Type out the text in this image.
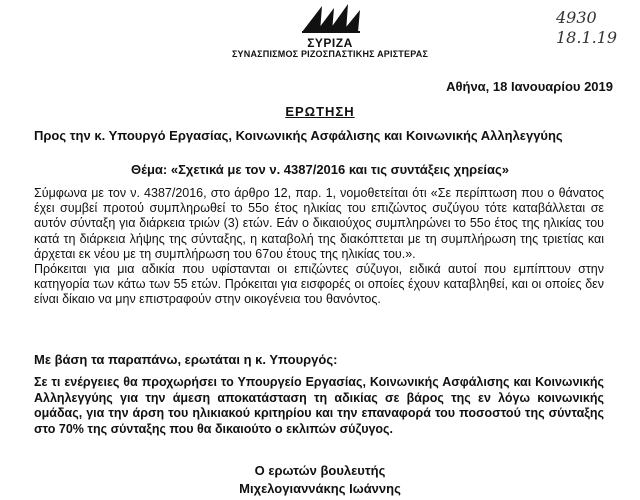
ΣΥΡΙΖΑ
ΣΥΝΑΣΠΙΣΜΟΣ ΡΙΖΟΣΠΑΣΤΙΚΗΣ ΑΡΙΣΤΕΡΑΣ
4930
18.1.19
Αθήνα, 18 Ιανουαρίου 2019
ΕΡΩΤΗΣΗ
Προς την κ. Υπουργό Εργασίας, Κοινωνικής Ασφάλισης και Κοινωνικής Αλληλεγγύης
Θέμα: «Σχετικά με τον ν. 4387/2016 και τις συντάξεις χηρείας»

Σύμφωνα με τον ν. 4387/2016, στο άρθρο 12, παρ. 1, νομοθετείται ότι «Σε περίπτωση που ο θάνατος έχει συμβεί προτού συμπληρωθεί το 55ο έτος ηλικίας του επιζώντος συζύγου τότε καταβάλλεται σε αυτόν σύνταξη για διάρκεια τριών (3) ετών. Εάν ο δικαιούχος συμπληρώνει το 55ο έτος της ηλικίας του κατά τη διάρκεια λήψης της σύνταξης, η καταβολή της διακόπτεται με τη συμπλήρωση της τριετίας και άρχεται εκ νέου με τη συμπλήρωση του 67ου έτους της ηλικίας του.».

Πρόκειται για μια αδικία που υφίστανται οι επιζώντες σύζυγοι, ειδικά αυτοί που εμπίπτουν στην κατηγορία των κάτω των 55 ετών. Πρόκειται για εισφορές οι οποίες έχουν καταβληθεί, και οι οποίες δεν είναι δίκαιο να μην επιστραφούν στην οικογένεια του θανόντος.

Με βάση τα παραπάνω, ερωτάται η κ. Υπουργός:
Σε τι ενέργειες θα προχωρήσει το Υπουργείο Εργασίας, Κοινωνικής Ασφάλισης και Κοινωνικής Αλληλεγγύης για την άμεση αποκατάσταση τη αδικίας σε βάρος της εν λόγω κοινωνικής ομάδας, για την άρση του ηλικιακού κριτηρίου και την επαναφορά του ποσοστού της σύνταξης στο 70% της σύνταξης που θα δικαιούτο ο εκλιπών σύζυγος.
Ο ερωτών βουλευτής
Μιχελογιαννάκης Ιωάννης
